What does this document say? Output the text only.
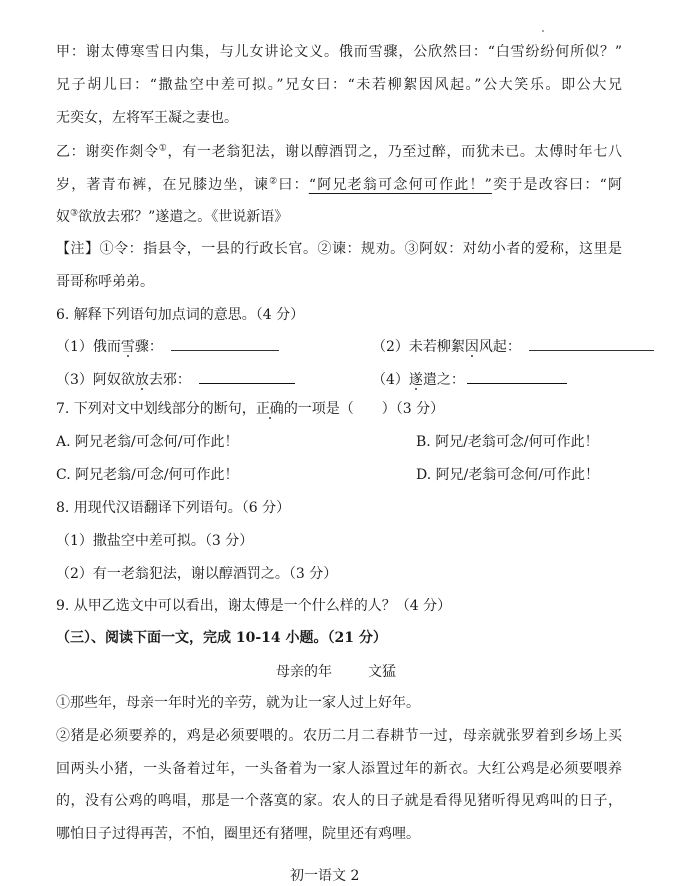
甲：谢太傅寒雪日内集，与儿女讲论文义。俄而雪骤，公欣然曰：“白雪纷纷何所似？”
兄子胡儿曰：“撒盐空中差可拟。”兄女曰：“未若柳絮因风起。”公大笑乐。即公大兄
无奕女，左将军王凝之妻也。
乙：谢奕作剡令①，有一老翁犯法，谢以醇酒罚之，乃至过醉，而犹未已。太傅时年七八
岁，著青布裤，在兄膝边坐，谏②曰：“阿兄老翁可念何可作此！”奕于是改容曰：“阿
奴③欲放去邪？”遂遣之。《世说新语》
【注】①令：指县令，一县的行政长官。②谏：规劝。③阿奴：对幼小者的爱称，这里是
哥哥称呼弟弟。
6. 解释下列语句加点词的意思。（4 分）
（1）俄而雪骤：	（2）未若柳絮因风起：
（3）阿奴欲放去邪：	（4）遂遣之：
7. 下列对文中划线部分的断句，正确的一项是（　　）（3 分）
A. 阿兄老翁/可念何/可作此！	B. 阿兄/老翁可念/何可作此！
C. 阿兄老翁/可念/何可作此！	D. 阿兄/老翁可念何/可作此！
8. 用现代汉语翻译下列语句。（6 分）
（1）撒盐空中差可拟。（3 分）
（2）有一老翁犯法，谢以醇酒罚之。（3 分）
9. 从甲乙选文中可以看出，谢太傅是一个什么样的人？（4 分）
（三）、阅读下面一文，完成 10-14 小题。（21 分）
母亲的年	文猛
①那些年，母亲一年时光的辛劳，就为让一家人过上好年。
②猪是必须要养的，鸡是必须要喂的。农历二月二春耕节一过，母亲就张罗着到乡场上买
回两头小猪，一头备着过年，一头备着为一家人添置过年的新衣。大红公鸡是必须要喂养
的，没有公鸡的鸣唱，那是一个落寞的家。农人的日子就是看得见猪听得见鸡叫的日子，
哪怕日子过得再苦，不怕，圈里还有猪哩，院里还有鸡哩。
初一语文 2
